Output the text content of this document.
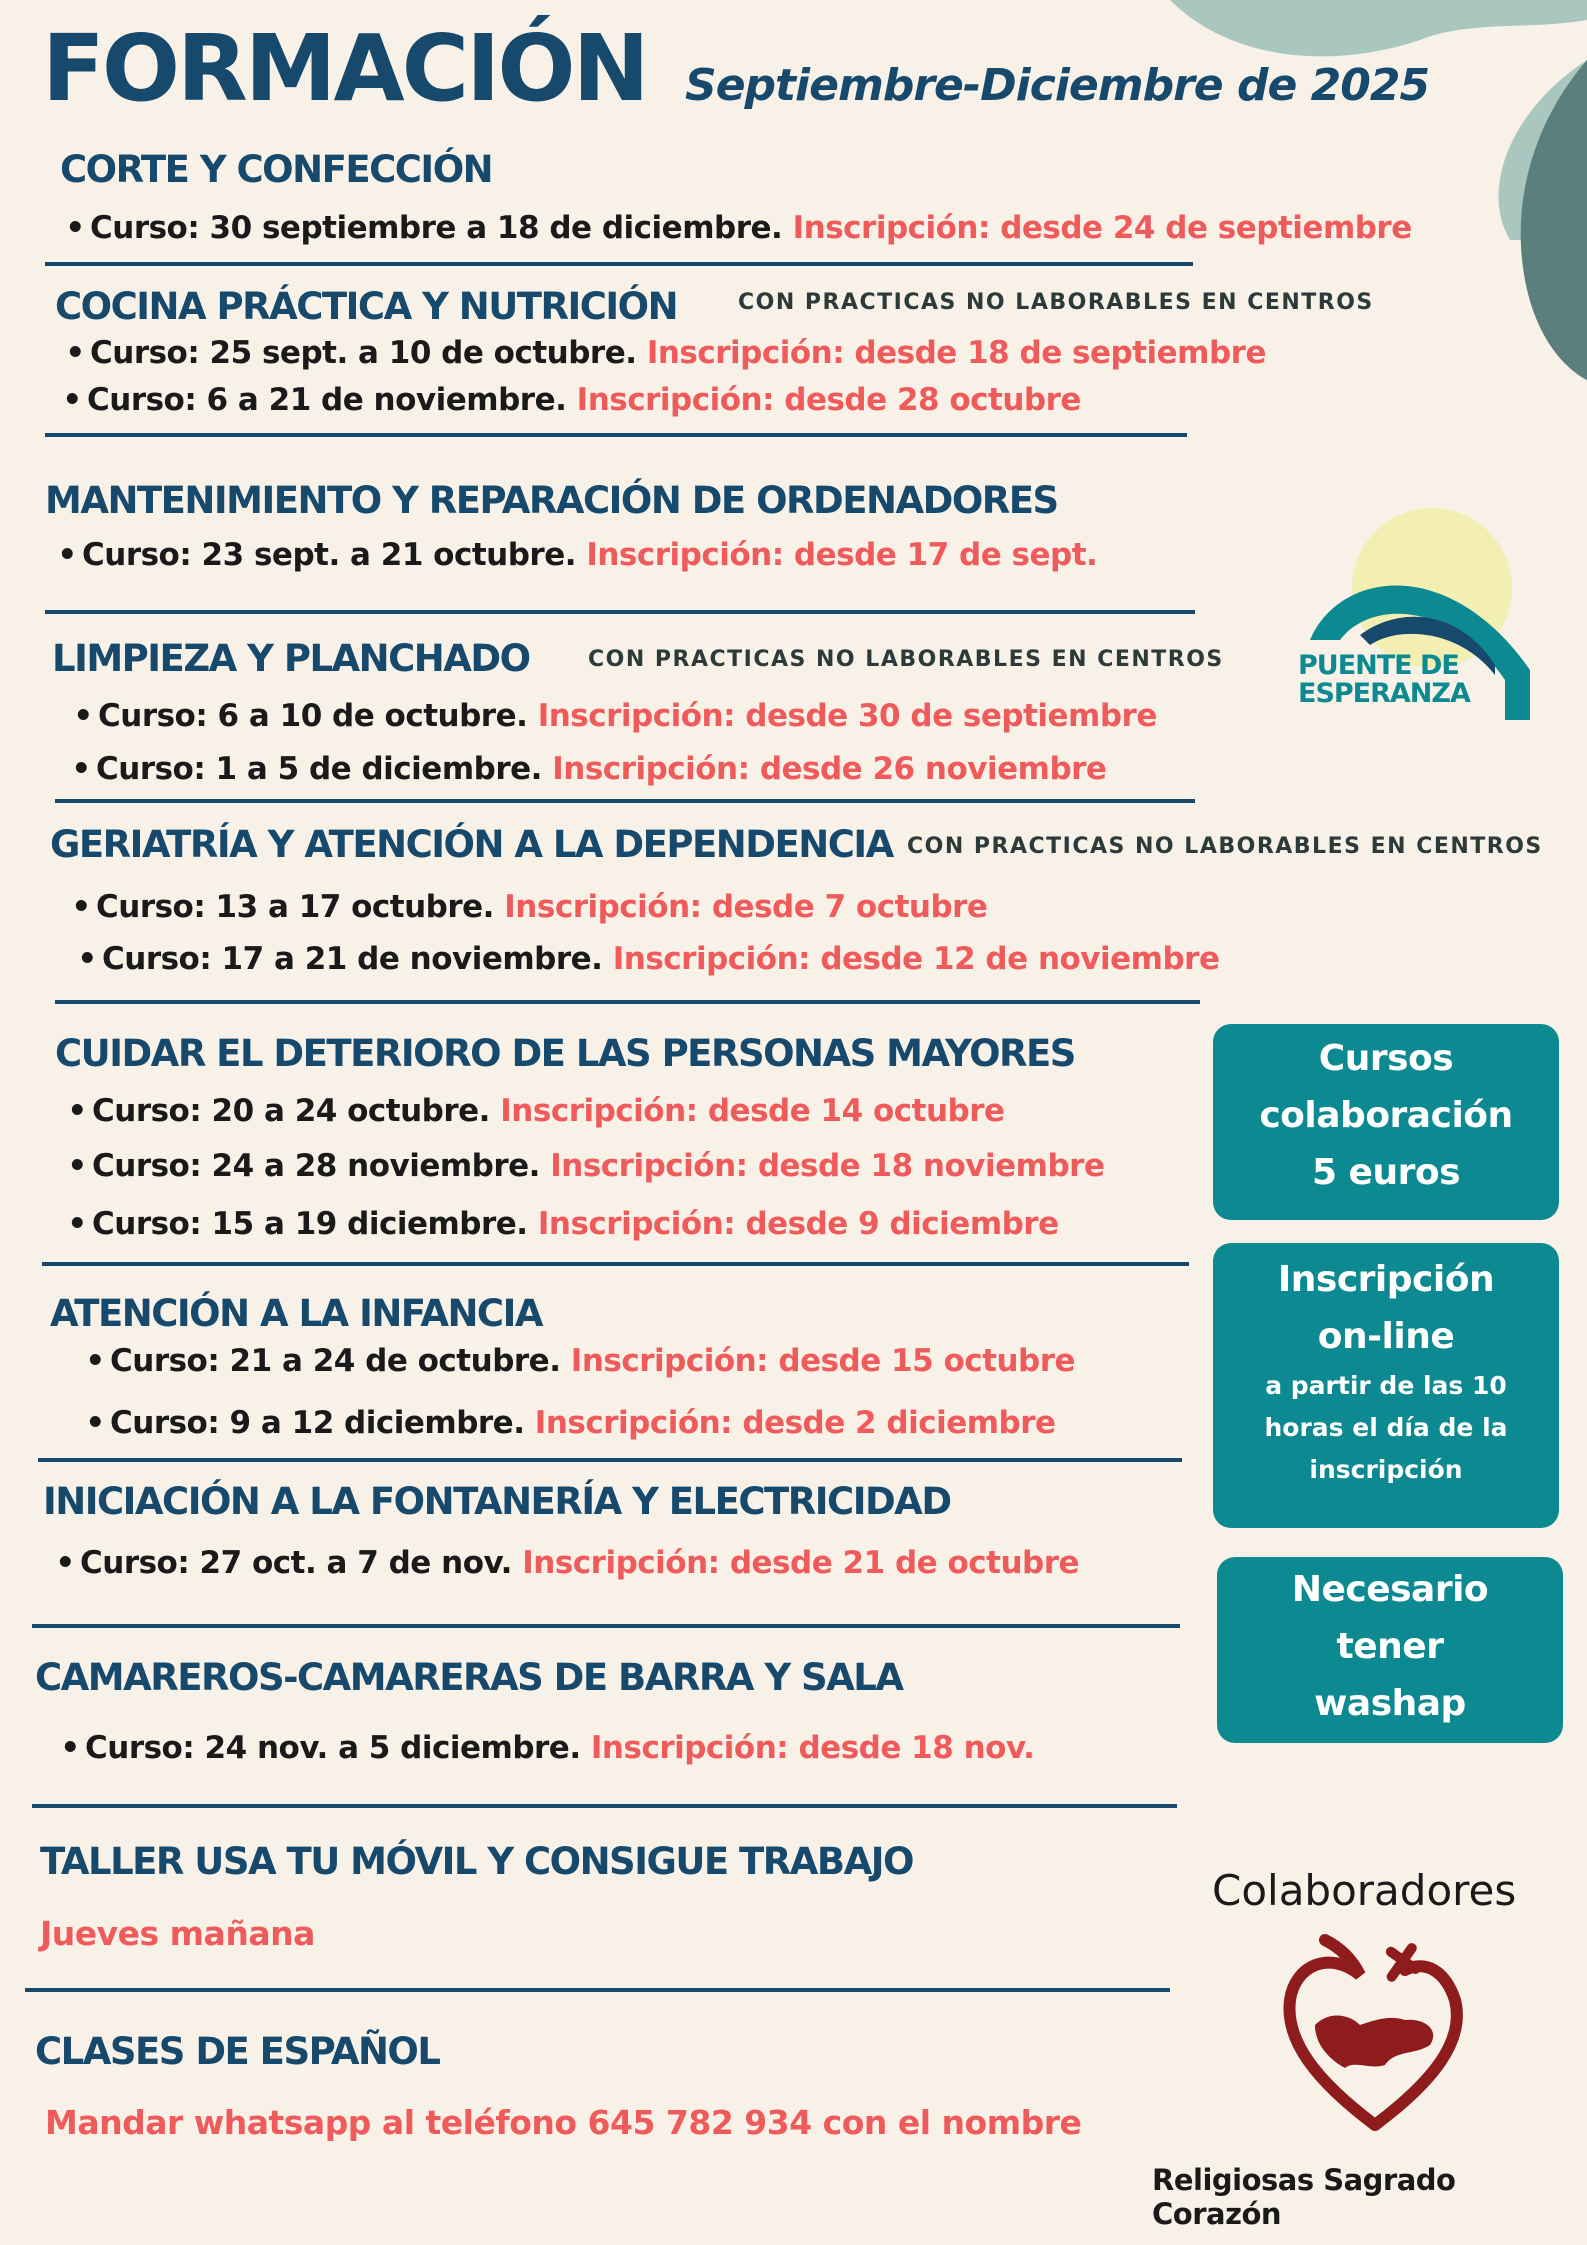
PUENTE DE
ESPERANZA
FORMACIÓN Septiembre-Diciembre de 2025
CORTE Y CONFECCIÓN
• Curso: 30 septiembre a 18 de diciembre. Inscripción: desde 24 de septiembre
COCINA PRÁCTICA Y NUTRICIÓN	CON PRACTICAS NO LABORABLES EN CENTROS
• Curso: 25 sept. a 10 de octubre. Inscripción: desde 18 de septiembre
• Curso: 6 a 21 de noviembre. Inscripción: desde 28 octubre
MANTENIMIENTO Y REPARACIÓN DE ORDENADORES
• Curso: 23 sept. a 21 octubre. Inscripción: desde 17 de sept.
LIMPIEZA Y PLANCHADO	CON PRACTICAS NO LABORABLES EN CENTROS
• Curso: 6 a 10 de octubre. Inscripción: desde 30 de septiembre
• Curso: 1 a 5 de diciembre. Inscripción: desde 26 noviembre
GERIATRÍA Y ATENCIÓN A LA DEPENDENCIA CON PRACTICAS NO LABORABLES EN CENTROS
• Curso: 13 a 17 octubre. Inscripción: desde 7 octubre
• Curso: 17 a 21 de noviembre. Inscripción: desde 12 de noviembre
CUIDAR EL DETERIORO DE LAS PERSONAS MAYORES
• Curso: 20 a 24 octubre. Inscripción: desde 14 octubre
• Curso: 24 a 28 noviembre. Inscripción: desde 18 noviembre
• Curso: 15 a 19 diciembre. Inscripción: desde 9 diciembre
ATENCIÓN A LA INFANCIA
• Curso: 21 a 24 de octubre. Inscripción: desde 15 octubre
• Curso: 9 a 12 diciembre. Inscripción: desde 2 diciembre
INICIACIÓN A LA FONTANERÍA Y ELECTRICIDAD
• Curso: 27 oct. a 7 de nov. Inscripción: desde 21 de octubre
CAMAREROS-CAMARERAS DE BARRA Y SALA
• Curso: 24 nov. a 5 diciembre. Inscripción: desde 18 nov.
TALLER USA TU MÓVIL Y CONSIGUE TRABAJO
Jueves mañana
CLASES DE ESPAÑOL
Mandar whatsapp al teléfono 645 782 934 con el nombre
Cursos
colaboración
5 euros
Inscripción
on-line
a partir de las 10
horas el día de la
inscripción
Necesario
tener
washap
Colaboradores
Religiosas Sagrado Corazón
